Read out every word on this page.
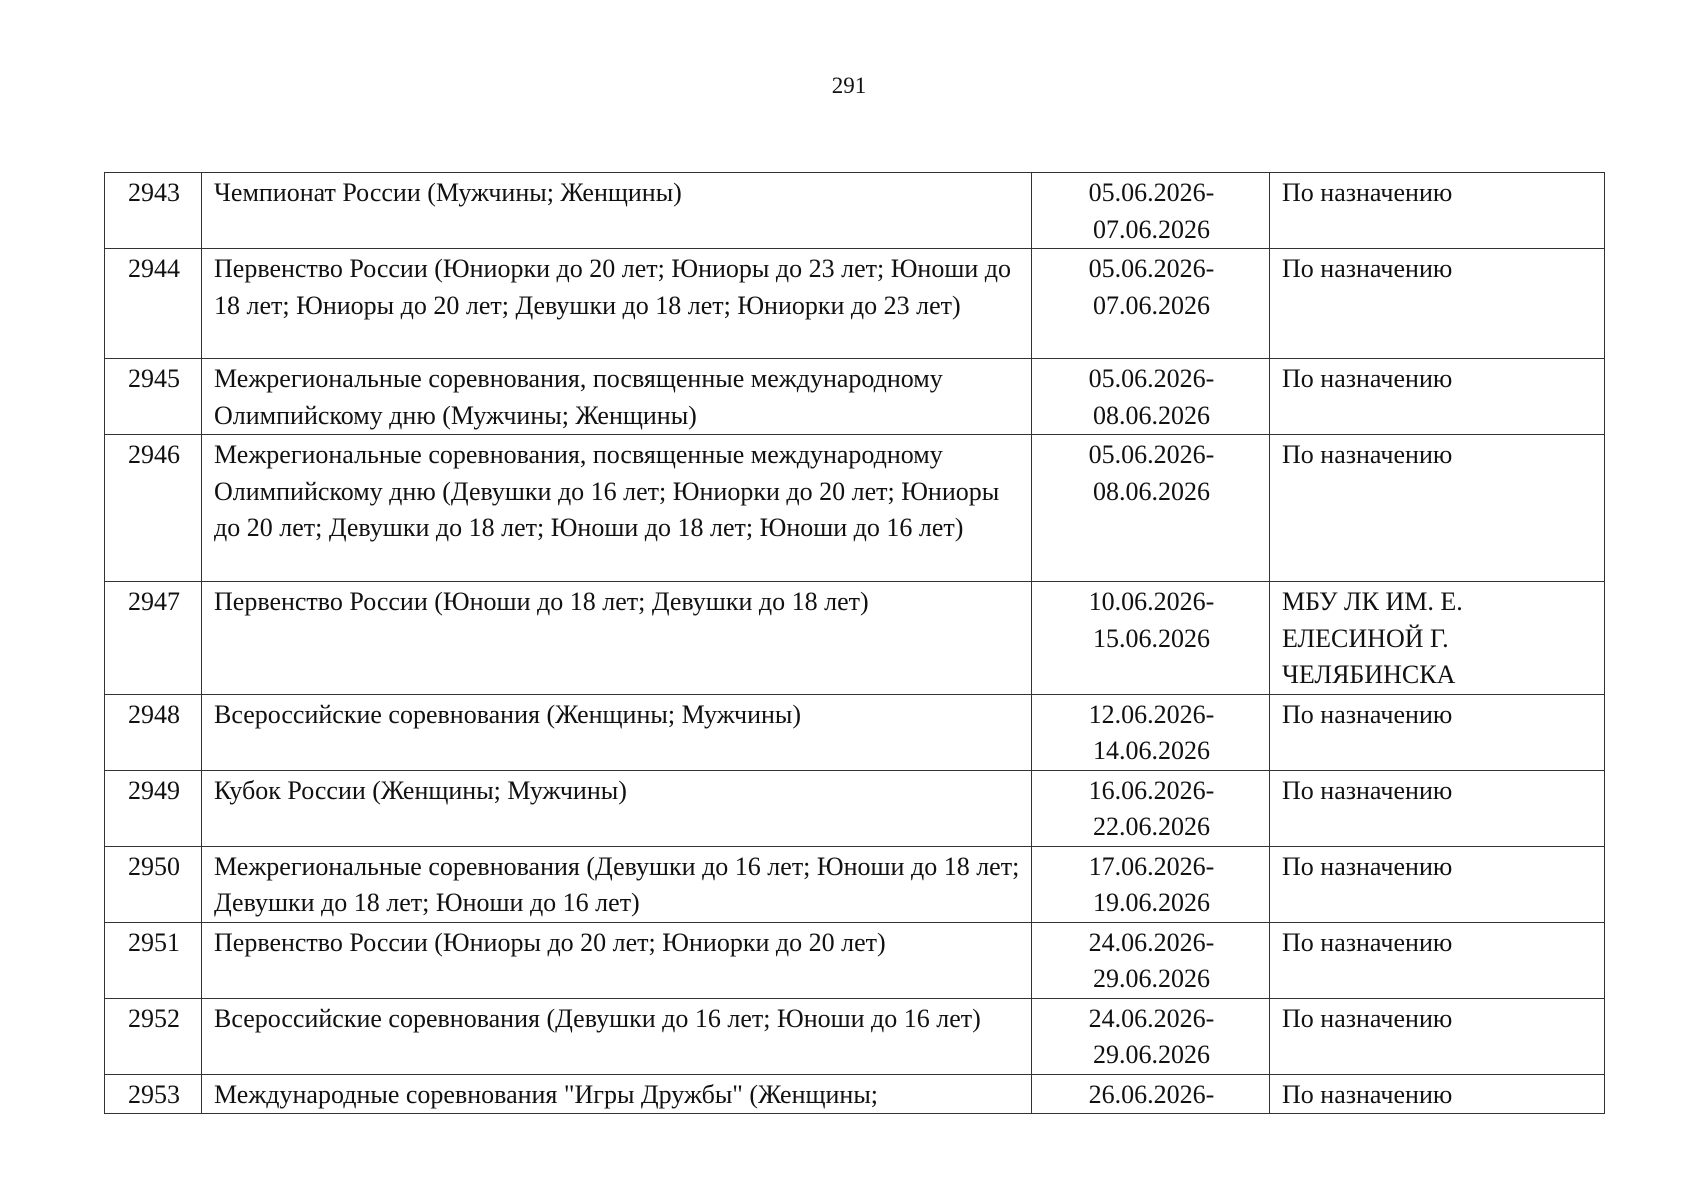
291
2943	Чемпионат России (Мужчины; Женщины)	05.06.2026-
07.06.2026	По назначению
2944	Первенство России (Юниорки до 20 лет; Юниоры до 23 лет; Юноши до 18 лет; Юниоры до 20 лет; Девушки до 18 лет; Юниорки до 23 лет)	05.06.2026-
07.06.2026	По назначению
2945	Межрегиональные соревнования, посвященные международному Олимпийскому дню (Мужчины; Женщины)	05.06.2026-
08.06.2026	По назначению
2946	Межрегиональные соревнования, посвященные международному Олимпийскому дню (Девушки до 16 лет; Юниорки до 20 лет; Юниоры до 20 лет; Девушки до 18 лет; Юноши до 18 лет; Юноши до 16 лет)	05.06.2026-
08.06.2026	По назначению
2947	Первенство России (Юноши до 18 лет; Девушки до 18 лет)	10.06.2026-
15.06.2026	МБУ ЛК ИМ. Е. ЕЛЕСИНОЙ Г. ЧЕЛЯБИНСКА
2948	Всероссийские соревнования (Женщины; Мужчины)	12.06.2026-
14.06.2026	По назначению
2949	Кубок России (Женщины; Мужчины)	16.06.2026-
22.06.2026	По назначению
2950	Межрегиональные соревнования (Девушки до 16 лет; Юноши до 18 лет; Девушки до 18 лет; Юноши до 16 лет)	17.06.2026-
19.06.2026	По назначению
2951	Первенство России (Юниоры до 20 лет; Юниорки до 20 лет)	24.06.2026-
29.06.2026	По назначению
2952	Всероссийские соревнования (Девушки до 16 лет; Юноши до 16 лет)	24.06.2026-
29.06.2026	По назначению
2953	Международные соревнования "Игры Дружбы" (Женщины;	26.06.2026-	По назначению
